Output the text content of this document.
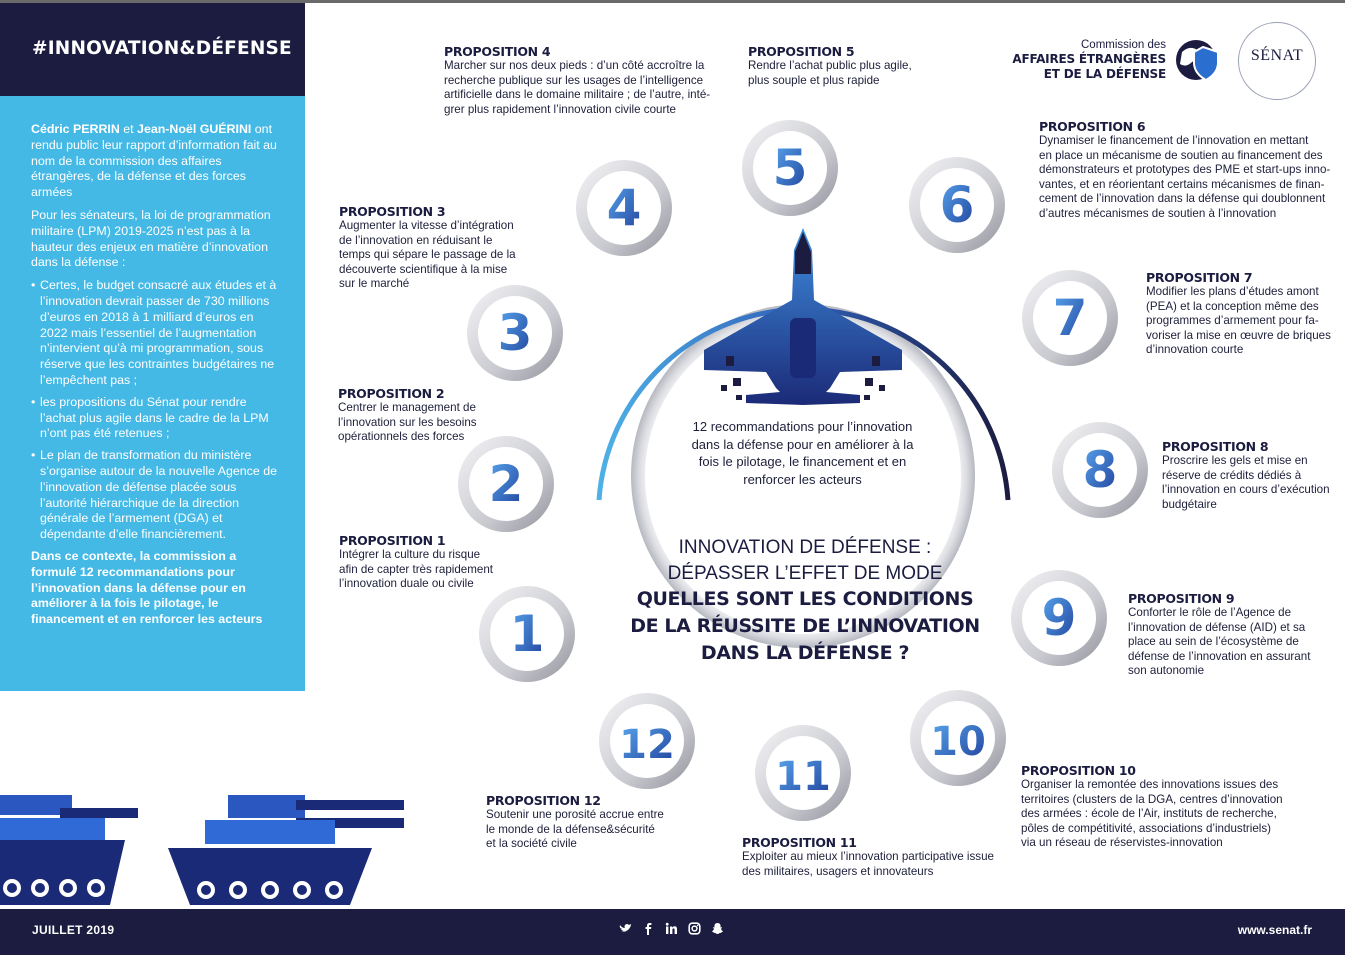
#INNOVATION&DÉFENSE

Cédric PERRIN et Jean-Noël GUÉRINI ont rendu public leur rapport d’information fait au nom de la commission des affaires étrangères, de la défense et des forces armées

Pour les sénateurs, la loi de programmation militaire (LPM) 2019-2025 n’est pas à la hauteur des enjeux en matière d’innovation dans la défense :

• Certes, le budget consacré aux études et à l’innovation devrait passer de 730 millions d’euros en 2018 à 1 milliard d’euros en 2022 mais l’essentiel de l’augmentation n’intervient qu’à mi programmation, sous réserve que les contraintes budgétaires ne l’empêchent pas ;
• les propositions du Sénat pour rendre l’achat plus agile dans le cadre de la LPM n’ont pas été retenues ;
• Le plan de transformation du ministère s’organise autour de la nouvelle Agence de l’innovation de défense placée sous l’autorité hiérarchique de la direction générale de l’armement (DGA) et dépendante d’elle financièrement.
Dans ce contexte, la commission a formulé 12 recommandations pour l’innovation dans la défense pour en améliorer à la fois le pilotage, le financement et en renforcer les acteurs	1
2
3
4
5
6
7
8
9
10
11
12
Commission des
AFFAIRES ÉTRANGÈRES
ET DE LA DÉFENSE
SÉNAT
PROPOSITION 1
Intégrer la culture du risque
afin de capter très rapidement
l’innovation duale ou civile
PROPOSITION 2
Centrer le management de
l’innovation sur les besoins
opérationnels des forces
PROPOSITION 3
Augmenter la vitesse d’intégration
de l’innovation en réduisant le
temps qui sépare le passage de la
découverte scientifique à la mise
sur le marché
PROPOSITION 4
Marcher sur nos deux pieds : d’un côté accroître la
recherche publique sur les usages de l’intelligence
artificielle dans le domaine militaire ; de l’autre, inté-
grer plus rapidement l’innovation civile courte
PROPOSITION 5
Rendre l’achat public plus agile,
plus souple et plus rapide
PROPOSITION 6
Dynamiser le financement de l’innovation en mettant
en place un mécanisme de soutien au financement des
démonstrateurs et prototypes des PME et start-ups inno-
vantes, et en réorientant certains mécanismes de finan-
cement de l’innovation dans la défense qui doublonnent
d’autres mécanismes de soutien à l’innovation
PROPOSITION 7
Modifier les plans d’études amont
(PEA) et la conception même des
programmes d’armement pour fa-
voriser la mise en œuvre de briques
d’innovation courte
PROPOSITION 8
Proscrire les gels et mise en
réserve de crédits dédiés à
l’innovation en cours d’exécution
budgétaire
PROPOSITION 9
Conforter le rôle de l’Agence de
l’innovation de défense (AID) et sa
place au sein de l’écosystème de
défense de l’innovation en assurant
son autonomie
PROPOSITION 10
Organiser la remontée des innovations issues des
territoires (clusters de la DGA, centres d’innovation
des armées : école de l’Air, instituts de recherche,
pôles de compétitivité, associations d’industriels)
via un réseau de réservistes-innovation
PROPOSITION 11
Exploiter au mieux l’innovation participative issue
des militaires, usagers et innovateurs
PROPOSITION 12
Soutenir une porosité accrue entre
le monde de la défense&sécurité
et la société civile
12 recommandations pour l’innovation dans la défense pour en améliorer à la fois le pilotage, le financement et en renforcer les acteurs
INNOVATION DE DÉFENSE :
DÉPASSER L’EFFET DE MODE
QUELLES SONT LES CONDITIONS
DE LA RÉUSSITE DE L’INNOVATION
DANS LA DÉFENSE ?
JUILLET 2019	www.senat.fr
